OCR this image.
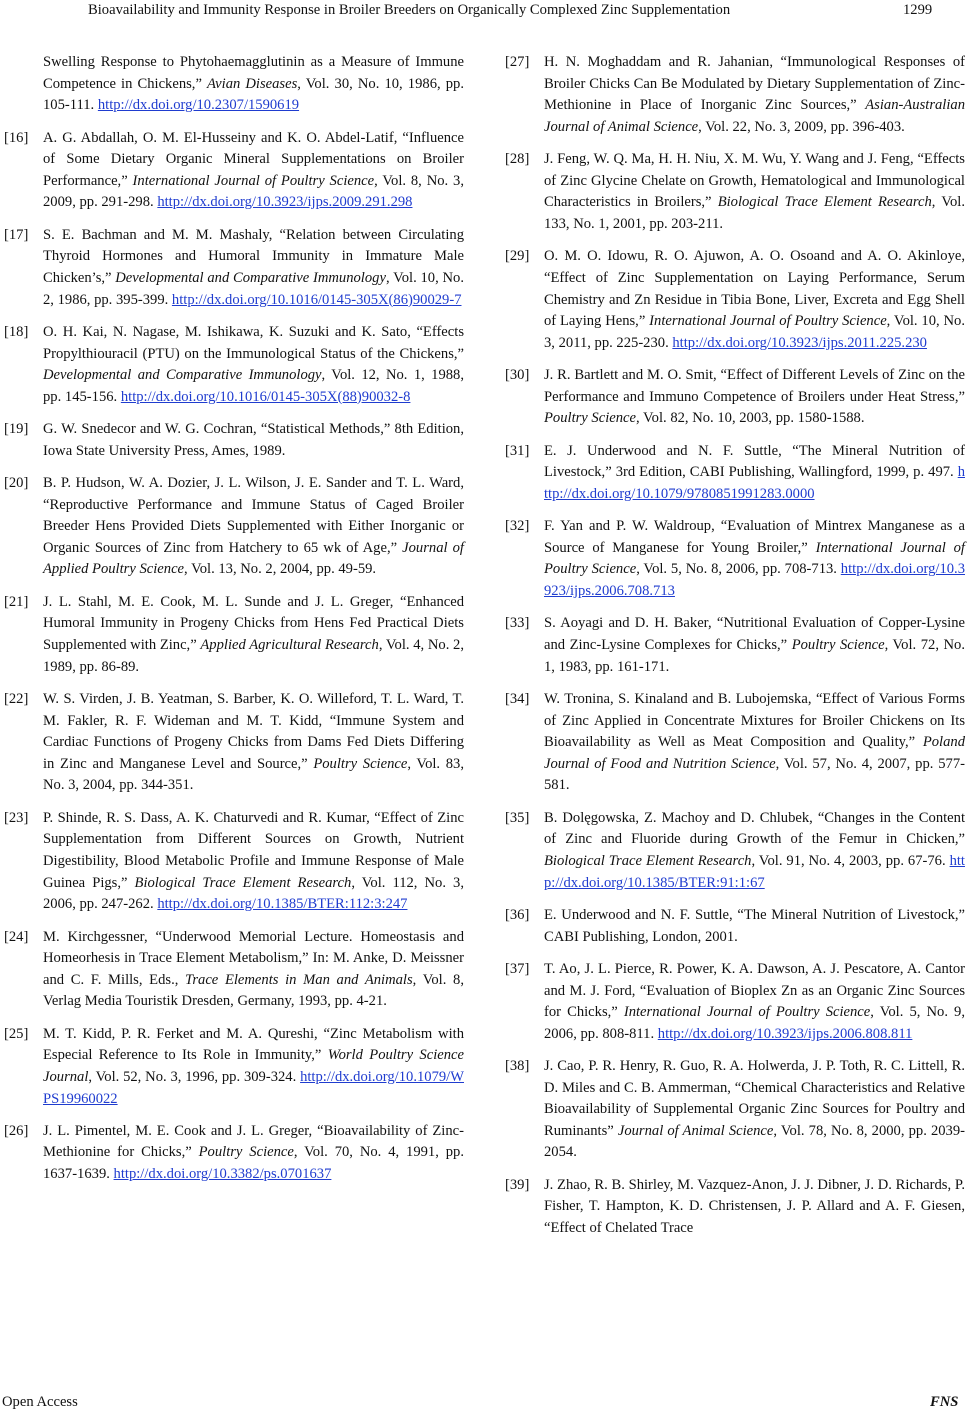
Bioavailability and Immunity Response in Broiler Breeders on Organically Complexed Zinc Supplementation	1299
Swelling Response to Phytohaemagglutinin as a Measure of Immune Competence in Chickens,” Avian Diseases, Vol. 30, No. 10, 1986, pp. 105-111. http://dx.doi.org/10.2307/1590619
[16] A. G. Abdallah, O. M. El-Husseiny and K. O. Abdel-Latif, “Influence of Some Dietary Organic Mineral Supplementations on Broiler Performance,” International Journal of Poultry Science, Vol. 8, No. 3, 2009, pp. 291-298. http://dx.doi.org/10.3923/ijps.2009.291.298
[17] S. E. Bachman and M. M. Mashaly, “Relation between Circulating Thyroid Hormones and Humoral Immunity in Immature Male Chicken’s,” Developmental and Comparative Immunology, Vol. 10, No. 2, 1986, pp. 395-399. http://dx.doi.org/10.1016/0145-305X(86)90029-7
[18] O. H. Kai, N. Nagase, M. Ishikawa, K. Suzuki and K. Sato, “Effects Propylthiouracil (PTU) on the Immunological Status of the Chickens,” Developmental and Comparative Immunology, Vol. 12, No. 1, 1988, pp. 145-156. http://dx.doi.org/10.1016/0145-305X(88)90032-8
[19] G. W. Snedecor and W. G. Cochran, “Statistical Methods,” 8th Edition, Iowa State University Press, Ames, 1989.
[20] B. P. Hudson, W. A. Dozier, J. L. Wilson, J. E. Sander and T. L. Ward, “Reproductive Performance and Immune Status of Caged Broiler Breeder Hens Provided Diets Supplemented with Either Inorganic or Organic Sources of Zinc from Hatchery to 65 wk of Age,” Journal of Applied Poultry Science, Vol. 13, No. 2, 2004, pp. 49-59.
[21] J. L. Stahl, M. E. Cook, M. L. Sunde and J. L. Greger, “Enhanced Humoral Immunity in Progeny Chicks from Hens Fed Practical Diets Supplemented with Zinc,” Applied Agricultural Research, Vol. 4, No. 2, 1989, pp. 86-89.
[22] W. S. Virden, J. B. Yeatman, S. Barber, K. O. Willeford, T. L. Ward, T. M. Fakler, R. F. Wideman and M. T. Kidd, “Immune System and Cardiac Functions of Progeny Chicks from Dams Fed Diets Differing in Zinc and Manganese Level and Source,” Poultry Science, Vol. 83, No. 3, 2004, pp. 344-351.
[23] P. Shinde, R. S. Dass, A. K. Chaturvedi and R. Kumar, “Effect of Zinc Supplementation from Different Sources on Growth, Nutrient Digestibility, Blood Metabolic Profile and Immune Response of Male Guinea Pigs,” Biological Trace Element Research, Vol. 112, No. 3, 2006, pp. 247-262. http://dx.doi.org/10.1385/BTER:112:3:247
[24] M. Kirchgessner, “Underwood Memorial Lecture. Homeostasis and Homeorhesis in Trace Element Metabolism,” In: M. Anke, D. Meissner and C. F. Mills, Eds., Trace Elements in Man and Animals, Vol. 8, Verlag Media Touristik Dresden, Germany, 1993, pp. 4-21.
[25] M. T. Kidd, P. R. Ferket and M. A. Qureshi, “Zinc Metabolism with Especial Reference to Its Role in Immunity,” World Poultry Science Journal, Vol. 52, No. 3, 1996, pp. 309-324. http://dx.doi.org/10.1079/WPS19960022
[26] J. L. Pimentel, M. E. Cook and J. L. Greger, “Bioavailability of Zinc-Methionine for Chicks,” Poultry Science, Vol. 70, No. 4, 1991, pp. 1637-1639. http://dx.doi.org/10.3382/ps.0701637
[27] H. N. Moghaddam and R. Jahanian, “Immunological Responses of Broiler Chicks Can Be Modulated by Dietary Supplementation of Zinc-Methionine in Place of Inorganic Zinc Sources,” Asian-Australian Journal of Animal Science, Vol. 22, No. 3, 2009, pp. 396-403.
[28] J. Feng, W. Q. Ma, H. H. Niu, X. M. Wu, Y. Wang and J. Feng, “Effects of Zinc Glycine Chelate on Growth, Hematological and Immunological Characteristics in Broilers,” Biological Trace Element Research, Vol. 133, No. 1, 2001, pp. 203-211.
[29] O. M. O. Idowu, R. O. Ajuwon, A. O. Osoand and A. O. Akinloye, “Effect of Zinc Supplementation on Laying Performance, Serum Chemistry and Zn Residue in Tibia Bone, Liver, Excreta and Egg Shell of Laying Hens,” International Journal of Poultry Science, Vol. 10, No. 3, 2011, pp. 225-230. http://dx.doi.org/10.3923/ijps.2011.225.230
[30] J. R. Bartlett and M. O. Smit, “Effect of Different Levels of Zinc on the Performance and Immuno Competence of Broilers under Heat Stress,” Poultry Science, Vol. 82, No. 10, 2003, pp. 1580-1588.
[31] E. J. Underwood and N. F. Suttle, “The Mineral Nutrition of Livestock,” 3rd Edition, CABI Publishing, Wallingford, 1999, p. 497. http://dx.doi.org/10.1079/9780851991283.0000
[32] F. Yan and P. W. Waldroup, “Evaluation of Mintrex Manganese as a Source of Manganese for Young Broiler,” International Journal of Poultry Science, Vol. 5, No. 8, 2006, pp. 708-713. http://dx.doi.org/10.3923/ijps.2006.708.713
[33] S. Aoyagi and D. H. Baker, “Nutritional Evaluation of Copper-Lysine and Zinc-Lysine Complexes for Chicks,” Poultry Science, Vol. 72, No. 1, 1983, pp. 161-171.
[34] W. Tronina, S. Kinaland and B. Lubojemska, “Effect of Various Forms of Zinc Applied in Concentrate Mixtures for Broiler Chickens on Its Bioavailability as Well as Meat Composition and Quality,” Poland Journal of Food and Nutrition Science, Vol. 57, No. 4, 2007, pp. 577-581.
[35] B. Dolęgowska, Z. Machoy and D. Chlubek, “Changes in the Content of Zinc and Fluoride during Growth of the Femur in Chicken,” Biological Trace Element Research, Vol. 91, No. 4, 2003, pp. 67-76. http://dx.doi.org/10.1385/BTER:91:1:67
[36] E. Underwood and N. F. Suttle, “The Mineral Nutrition of Livestock,” CABI Publishing, London, 2001.
[37] T. Ao, J. L. Pierce, R. Power, K. A. Dawson, A. J. Pescatore, A. Cantor and M. J. Ford, “Evaluation of Bioplex Zn as an Organic Zinc Sources for Chicks,” International Journal of Poultry Science, Vol. 5, No. 9, 2006, pp. 808-811. http://dx.doi.org/10.3923/ijps.2006.808.811
[38] J. Cao, P. R. Henry, R. Guo, R. A. Holwerda, J. P. Toth, R. C. Littell, R. D. Miles and C. B. Ammerman, “Chemical Characteristics and Relative Bioavailability of Supplemental Organic Zinc Sources for Poultry and Ruminants” Journal of Animal Science, Vol. 78, No. 8, 2000, pp. 2039-2054.
[39] J. Zhao, R. B. Shirley, M. Vazquez-Anon, J. J. Dibner, J. D. Richards, P. Fisher, T. Hampton, K. D. Christensen, J. P. Allard and A. F. Giesen, “Effect of Chelated Trace
Open Access	FNS
